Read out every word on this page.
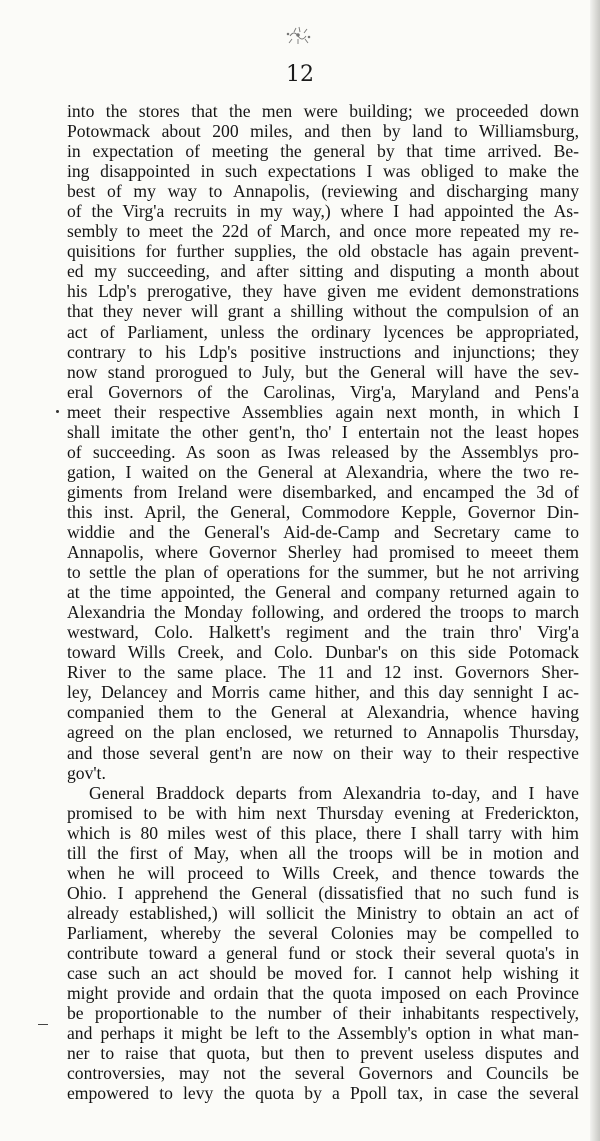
12
into the stores that the men were building; we proceeded down
Potowmack about 200 miles, and then by land to Williamsburg,
in expectation of meeting the general by that time arrived. Be-
ing disappointed in such expectations I was obliged to make the
best of my way to Annapolis, (reviewing and discharging many
of the Virg'a recruits in my way,) where I had appointed the As-
sembly to meet the 22d of March, and once more repeated my re-
quisitions for further supplies, the old obstacle has again prevent-
ed my succeeding, and after sitting and disputing a month about
his Ldp's prerogative, they have given me evident demonstrations
that they never will grant a shilling without the compulsion of an
act of Parliament, unless the ordinary lycences be appropriated,
contrary to his Ldp's positive instructions and injunctions; they
now stand prorogued to July, but the General will have the sev-
eral Governors of the Carolinas, Virg'a, Maryland and Pens'a
meet their respective Assemblies again next month, in which I
shall imitate the other gent'n, tho' I entertain not the least hopes
of succeeding. As soon as Iwas released by the Assemblys pro-
gation, I waited on the General at Alexandria, where the two re-
giments from Ireland were disembarked, and encamped the 3d of
this inst. April, the General, Commodore Kepple, Governor Din-
widdie and the General's Aid-de-Camp and Secretary came to
Annapolis, where Governor Sherley had promised to meeet them
to settle the plan of operations for the summer, but he not arriving
at the time appointed, the General and company returned again to
Alexandria the Monday following, and ordered the troops to march
westward, Colo. Halkett's regiment and the train thro' Virg'a
toward Wills Creek, and Colo. Dunbar's on this side Potomack
River to the same place. The 11 and 12 inst. Governors Sher-
ley, Delancey and Morris came hither, and this day sennight I ac-
companied them to the General at Alexandria, whence having
agreed on the plan enclosed, we returned to Annapolis Thursday,
and those several gent'n are now on their way to their respective
gov't.
General Braddock departs from Alexandria to-day, and I have
promised to be with him next Thursday evening at Frederickton,
which is 80 miles west of this place, there I shall tarry with him
till the first of May, when all the troops will be in motion and
when he will proceed to Wills Creek, and thence towards the
Ohio. I apprehend the General (dissatisfied that no such fund is
already established,) will sollicit the Ministry to obtain an act of
Parliament, whereby the several Colonies may be compelled to
contribute toward a general fund or stock their several quota's in
case such an act should be moved for. I cannot help wishing it
might provide and ordain that the quota imposed on each Province
be proportionable to the number of their inhabitants respectively,
and perhaps it might be left to the Assembly's option in what man-
ner to raise that quota, but then to prevent useless disputes and
controversies, may not the several Governors and Councils be
empowered to levy the quota by a Ppoll tax, in case the several
